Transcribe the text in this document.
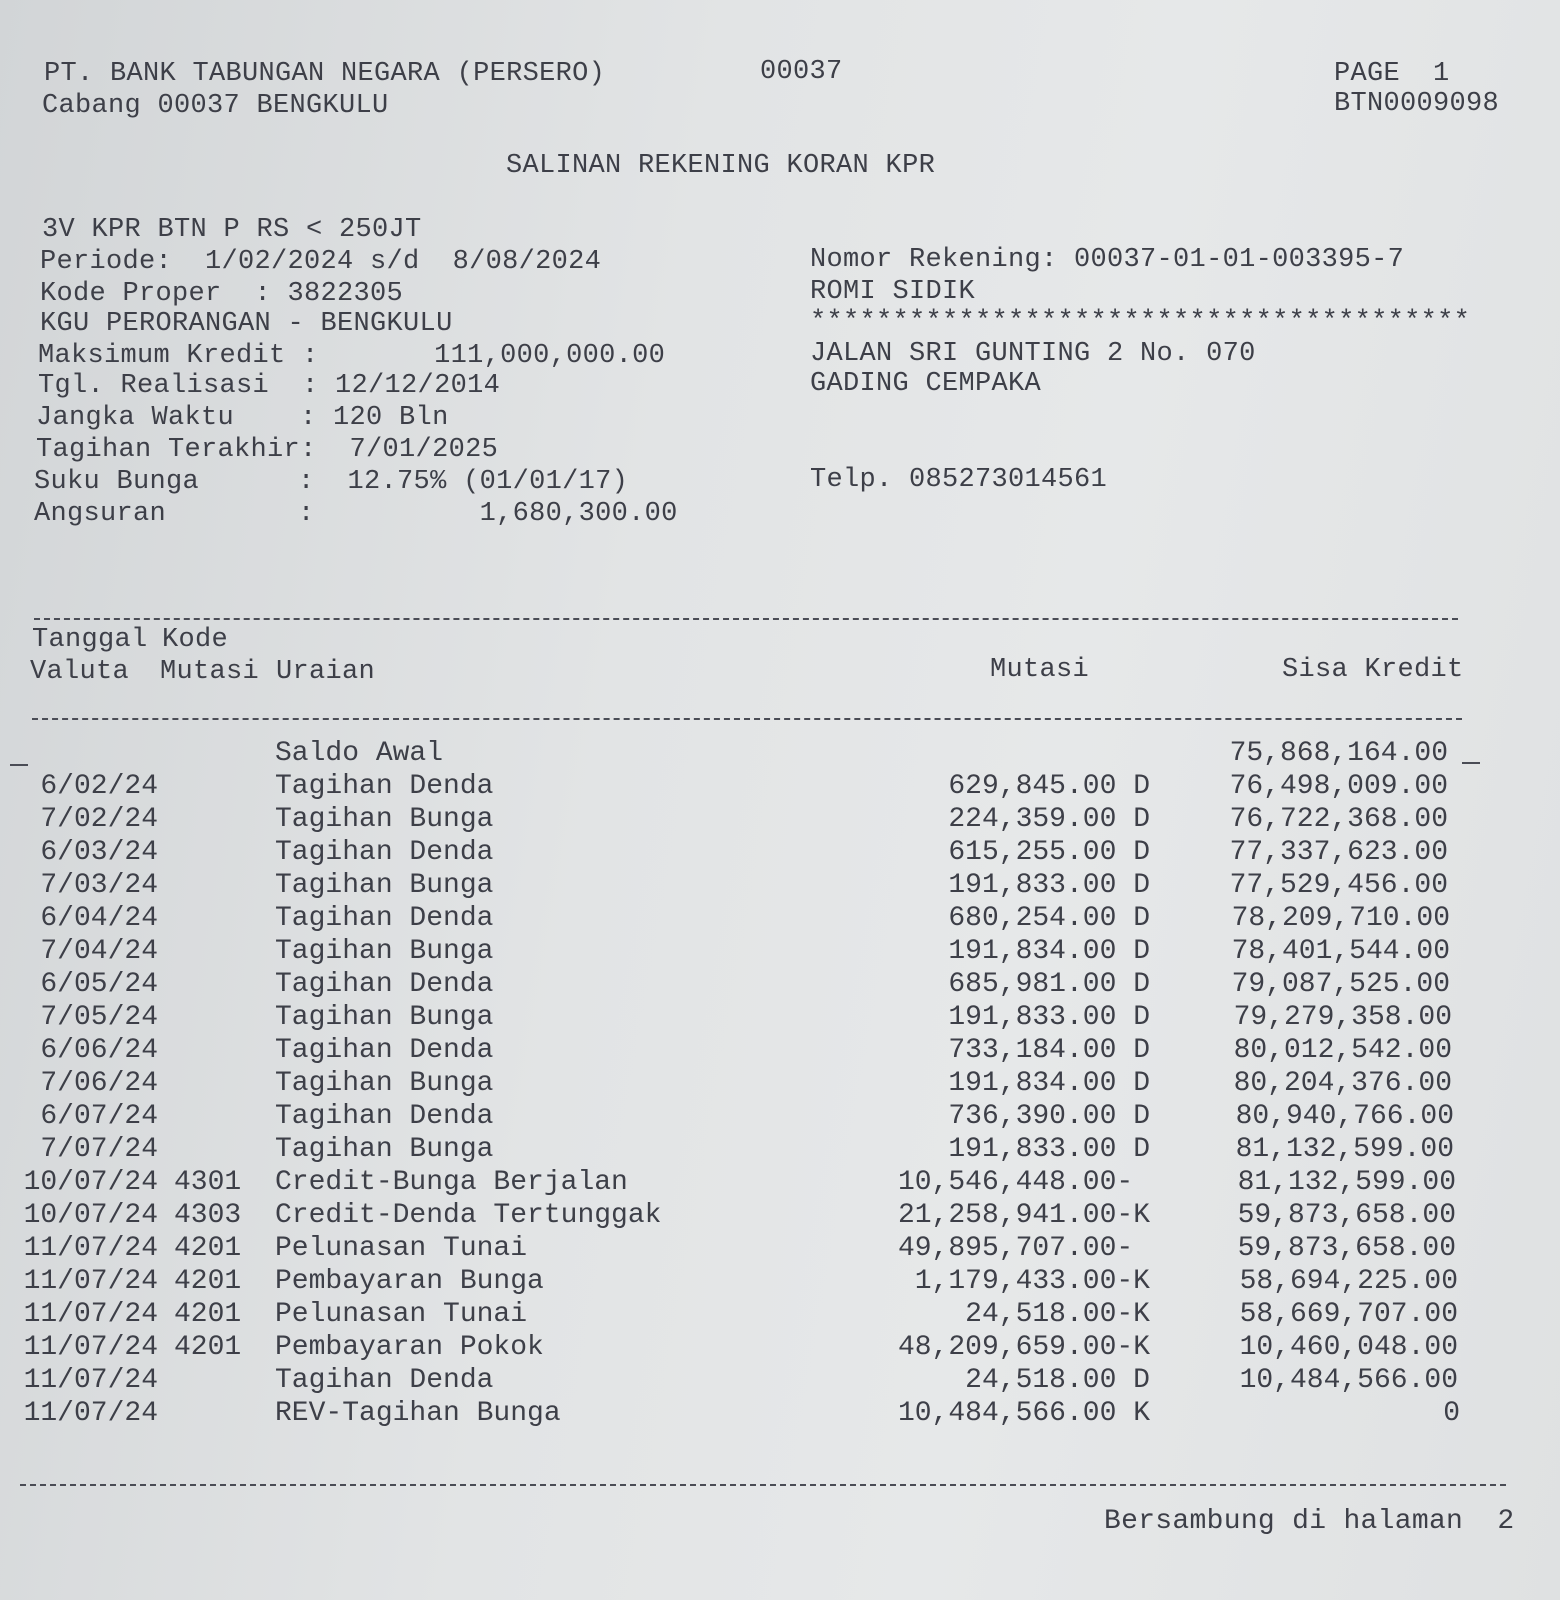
PT. BANK TABUNGAN NEGARA (PERSERO)
Cabang 00037 BENGKULU
00037	PAGE  1
BTN0009098
SALINAN REKENING KORAN KPR
3V KPR BTN P RS < 250JT
Periode:  1/02/2024 s/d  8/08/2024
Kode Proper  : 3822305
KGU PERORANGAN - BENGKULU
Maksimum Kredit :       111,000,000.00
Tgl. Realisasi  : 12/12/2014
Jangka Waktu    : 120 Bln
Tagihan Terakhir:  7/01/2025
Suku Bunga      :  12.75% (01/01/17)
Angsuran        :          1,680,300.00
Nomor Rekening: 00037-01-01-003395-7
ROMI SIDIK
****************************************
JALAN SRI GUNTING 2 No. 070
GADING CEMPAKA
Telp. 085273014561
Tanggal Kode
Valuta Mutasi Uraian	Mutasi	Sisa Kredit
Saldo Awal	75,868,164.00
6/02/24	Tagihan Denda	629,845.00 D	76,498,009.00
7/02/24	Tagihan Bunga	224,359.00 D	76,722,368.00
6/03/24	Tagihan Denda	615,255.00 D	77,337,623.00
7/03/24	Tagihan Bunga	191,833.00 D	77,529,456.00
6/04/24	Tagihan Denda	680,254.00 D	78,209,710.00
7/04/24	Tagihan Bunga	191,834.00 D	78,401,544.00
6/05/24	Tagihan Denda	685,981.00 D	79,087,525.00
7/05/24	Tagihan Bunga	191,833.00 D	79,279,358.00
6/06/24	Tagihan Denda	733,184.00 D	80,012,542.00
7/06/24	Tagihan Bunga	191,834.00 D	80,204,376.00
6/07/24	Tagihan Denda	736,390.00 D	80,940,766.00
7/07/24	Tagihan Bunga	191,833.00 D	81,132,599.00
10/07/24 4301 Credit-Bunga Berjalan	10,546,448.00-	81,132,599.00
10/07/24 4303 Credit-Denda Tertunggak	21,258,941.00-K	59,873,658.00
11/07/24 4201 Pelunasan Tunai	49,895,707.00-	59,873,658.00
11/07/24 4201 Pembayaran Bunga	1,179,433.00-K	58,694,225.00
11/07/24 4201 Pelunasan Tunai	24,518.00-K	58,669,707.00
11/07/24 4201 Pembayaran Pokok	48,209,659.00-K	10,460,048.00
11/07/24	Tagihan Denda	24,518.00 D	10,484,566.00
11/07/24	REV-Tagihan Bunga	10,484,566.00 K	0
Bersambung di halaman  2
